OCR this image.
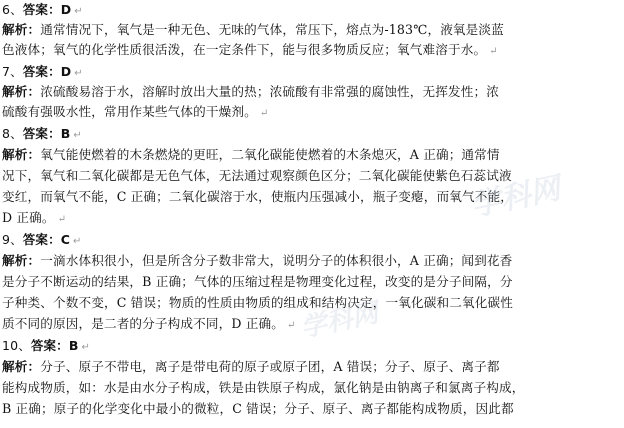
6、答案：D ↵
解析：通常情况下，氧气是一种无色、无味的气体，常压下，熔点为-183℃，液氧是淡蓝
色液体；氧气的化学性质很活泼，在一定条件下，能与很多物质反应；氧气难溶于水。 ↵
7、答案：D ↵
解析：浓硫酸易溶于水，溶解时放出大量的热；浓硫酸有非常强的腐蚀性，无挥发性；浓
硫酸有强吸水性，常用作某些气体的干燥剂。 ↵
8、答案：B ↵
解析：氧气能使燃着的木条燃烧的更旺，二氧化碳能使燃着的木条熄灭，A 正确；通常情
况下，氧气和二氧化碳都是无色气体，无法通过观察颜色区分；二氧化碳能使紫色石蕊试液
变红，而氧气不能，C 正确；二氧化碳溶于水，使瓶内压强减小，瓶子变瘪，而氧气不能，
D 正确。 ↵
9、答案：C ↵
解析：一滴水体积很小，但是所含分子数非常大，说明分子的体积很小，A 正确；闻到花香
是分子不断运动的结果，B 正确；气体的压缩过程是物理变化过程，改变的是分子间隔，分
子种类、个数不变，C 错误；物质的性质由物质的组成和结构决定，一氧化碳和二氧化碳性
质不同的原因，是二者的分子构成不同，D 正确。 ↵
10、答案：B ↵
解析：分子、原子不带电，离子是带电荷的原子或原子团，A 错误；分子、原子、离子都
能构成物质，如：水是由水分子构成，铁是由铁原子构成，氯化钠是由钠离子和氯离子构成，
B 正确；原子的化学变化中最小的微粒，C 错误；分子、原子、离子都能构成物质，因此都
学科网
学科网
